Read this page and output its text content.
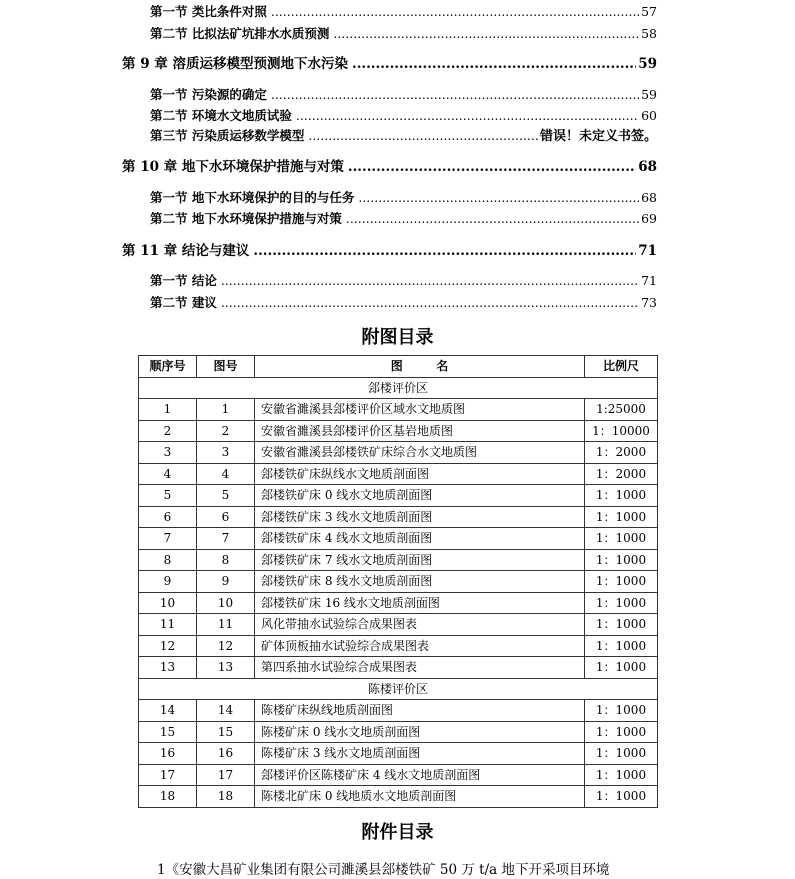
第一节 类比条件对照 .....	57
第二节 比拟法矿坑排水水质预测 .....	58
第 9 章 溶质运移模型预测地下水污染 .....	59
第一节 污染源的确定 .....	59
第二节 环境水文地质试验 .....	60
第三节 污染质运移数学模型 .....	错误！未定义书签。
第 10 章 地下水环境保护措施与对策 .....	68
第一节 地下水环境保护的目的与任务 .....	68
第二节 地下水环境保护措施与对策 .....	69
第 11 章 结论与建议 .....	71
第一节 结论 .....	71
第二节 建议 .....	73
附图目录
顺序号	图号	图        名	比例尺
郐楼评价区			
1	1	安徽省濉溪县郐楼评价区域水文地质图	1:25000
2	2	安徽省濉溪县郐楼评价区基岩地质图	1：10000
3	3	安徽省濉溪县郐楼铁矿床综合水文地质图	1：2000
4	4	郐楼铁矿床纵线水文地质剖面图	1：2000
5	5	郐楼铁矿床 0 线水文地质剖面图	1：1000
6	6	郐楼铁矿床 3 线水文地质剖面图	1：1000
7	7	郐楼铁矿床 4 线水文地质剖面图	1：1000
8	8	郐楼铁矿床 7 线水文地质剖面图	1：1000
9	9	郐楼铁矿床 8 线水文地质剖面图	1：1000
10	10	郐楼铁矿床 16 线水文地质剖面图	1：1000
11	11	风化带抽水试验综合成果图表	1：1000
12	12	矿体顶板抽水试验综合成果图表	1：1000
13	13	第四系抽水试验综合成果图表	1：1000
陈楼评价区			
14	14	陈楼矿床纵线地质剖面图	1：1000
15	15	陈楼矿床 0 线水文地质剖面图	1：1000
16	16	陈楼矿床 3 线水文地质剖面图	1：1000
17	17	郐楼评价区陈楼矿床 4 线水文地质剖面图	1：1000
18	18	陈楼北矿床 0 线地质水文地质剖面图	1：1000
附件目录
1《安徽大昌矿业集团有限公司濉溪县郐楼铁矿 50 万 t/a 地下开采项目环境
